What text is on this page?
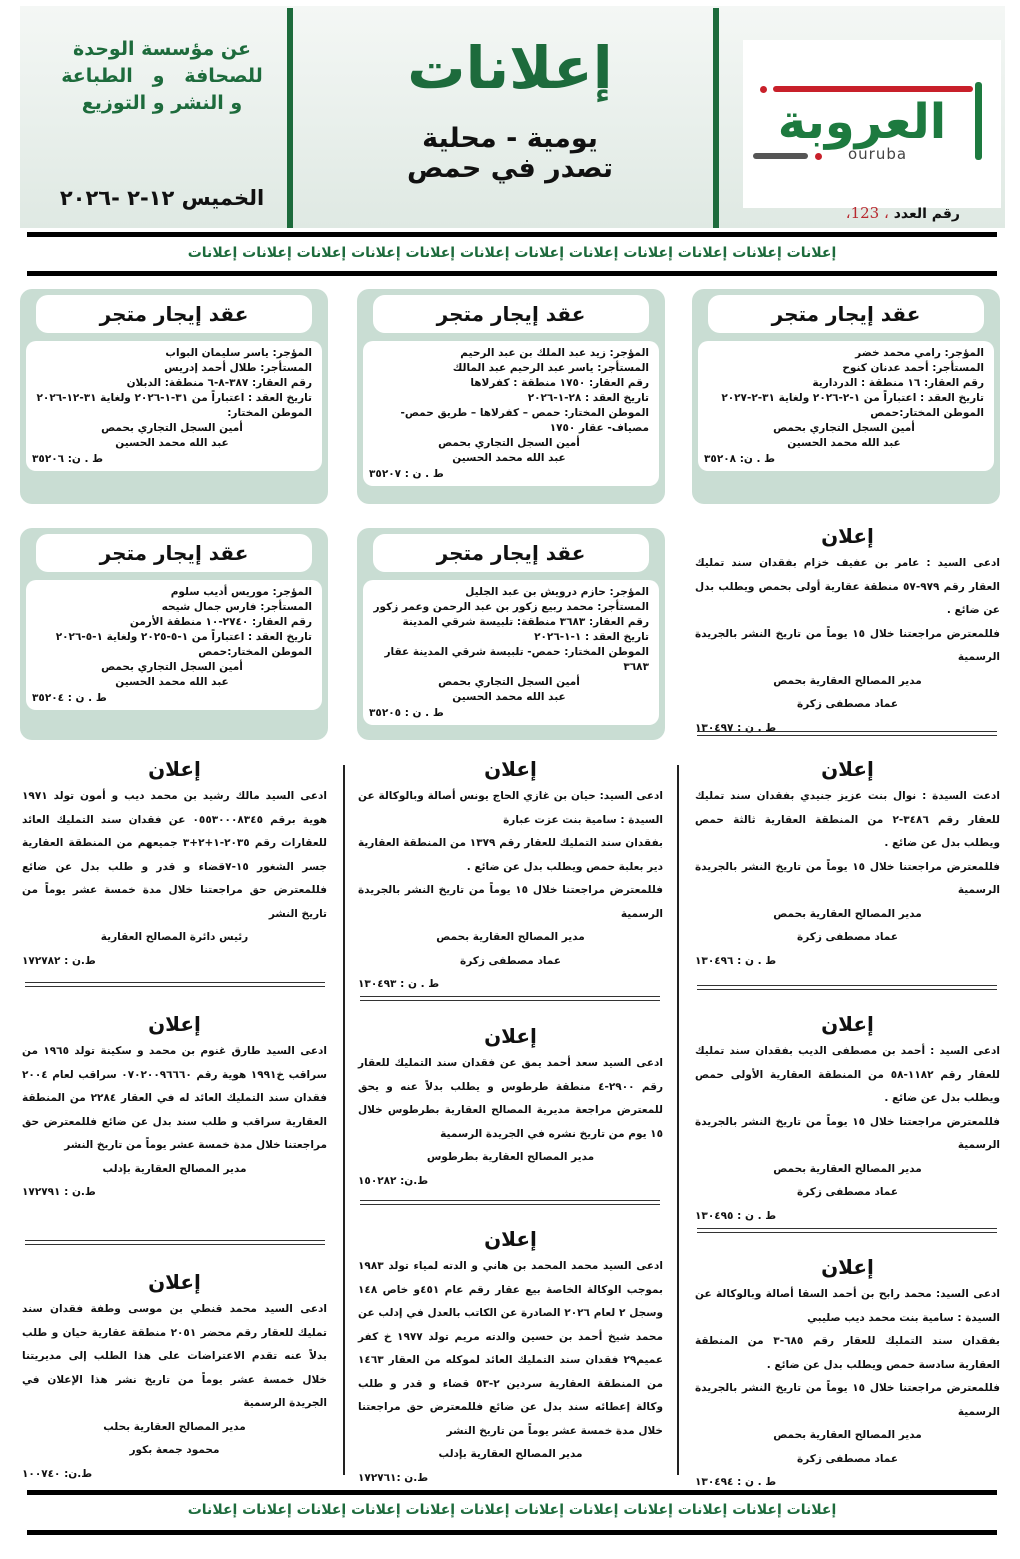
العروبة
ouruba
إعلانات
يومية - محلية
تصدر في حمص
عن مؤسسة الوحدة
للصحافة   و   الطباعة
و النشر و التوزيع
الخميس ١٢-٢ -٢٠٢٦
رقم العدد ، 123،
إعلانات إعلانات إعلانات إعلانات إعلانات إعلانات إعلانات إعلانات إعلانات إعلانات إعلانات إعلانات
عقد إيجار متجر
المؤجر: رامي محمد خضر
المستأجر: أحمد عدنان كنوح
رقم العقار: ١٦ منطقة : الدردارية
تاريخ العقد : اعتباراً من ١-٢-٢٠٢٦ ولغاية ٣١-٢-٢٠٢٧
الموطن المختار:حمص
أمين السجل التجاري بحمص
عبد الله محمد الحسين
ط . ن: ٣٥٢٠٨
عقد إيجار متجر
المؤجر: زيد عبد الملك بن عبد الرحيم
المستأجر: ياسر عبد الرحيم عبد المالك
رقم العقار: ١٧٥٠ منطقة : كفرلاها
تاريخ العقد : ٢٨-١-٢٠٢٦
الموطن المختار: حمص – كفرلاها – طريق حمص-مصياف- عقار ١٧٥٠
أمين السجل التجاري بحمص
عبد الله محمد الحسين
ط . ن : ٣٥٢٠٧
عقد إيجار متجر
المؤجر: ياسر سليمان البواب
المستأجر: طلال أحمد إدريس
رقم العقار: ٣٨٧-٨-٦ منطقة: الدبلان
تاريخ العقد : اعتباراً من ٣١-١-٢٠٢٦ ولغاية ٣١-١٢-٢٠٢٦
الموطن المختار:
أمين السجل التجاري بحمص
عبد الله محمد الحسين
ط . ن: ٣٥٢٠٦
عقد إيجار متجر
المؤجر: حازم درويش بن عبد الجليل
المستأجر: محمد ربيع زكور بن عبد الرحمن وعمر زكور
رقم العقار: ٣٦٨٣ منطقة: تلبيسة شرقي المدينة
تاريخ العقد : ١-١-٢٠٢٦
الموطن المختار: حمص- تلبيسة شرقي المدينة عقار ٣٦٨٣
أمين السجل التجاري بحمص
عبد الله محمد الحسين
ط . ن : ٣٥٢٠٥
عقد إيجار متجر
المؤجر: موريس أديب سلوم
المستأجر: فارس جمال شيحه
رقم العقار: ٢٧٤٠-١٠ منطقة الأرمن
تاريخ العقد : اعتباراً من ١-٥-٢٠٢٥ ولغاية ١-٥-٢٠٢٦
الموطن المختار:حمص
أمين السجل التجاري بحمص
عبد الله محمد الحسين
ط . ن : ٣٥٢٠٤
إعلان

ادعى السيد : عامر بن عفيف خزام بفقدان سند تمليك العقار رقم ٩٧٩-٥٧ منطقة عقارية أولى بحمص ويطلب بدل عن ضائع .

فللمعترض مراجعتنا خلال ١٥ يوماً من تاريخ النشر بالجريدة الرسمية

مدير المصالح العقارية بحمص
عماد مصطفى زكرة
ط . ن : ١٣٠٤٩٧
إعلان

ادعت السيدة : نوال بنت عزيز جنيدي بفقدان سند تمليك للعقار رقم ٣٤٨٦-٢ من المنطقة العقارية ثالثة حمص ويطلب بدل عن ضائع .

فللمعترض مراجعتنا خلال ١٥ يوماً من تاريخ النشر بالجريدة الرسمية

مدير المصالح العقارية بحمص
عماد مصطفى زكرة
ط . ن : ١٣٠٤٩٦
إعلان

ادعى السيد: حيان بن غازي الحاج يونس أصالة وبالوكالة عن السيدة : سامية بنت عزت عبارة

بفقدان سند التمليك للعقار رقم ١٣٧٩ من المنطقة العقارية دير بعلبة حمص ويطلب بدل عن ضائع .

فللمعترض مراجعتنا خلال ١٥ يوماً من تاريخ النشر بالجريدة الرسمية

مدير المصالح العقارية بحمص
عماد مصطفى زكرة
ط . ن : ١٣٠٤٩٣
إعلان

ادعى السيد مالك رشيد بن محمد ديب و أمون تولد ١٩٧١ هوية برقم ٠٥٥٣٠٠٠٨٣٤٥ عن فقدان سند التمليك العائد للعقارات رقم ٢٠٣٥-١+٢+٣ جميعهم من المنطقة العقارية جسر الشغور ١٥-٧قضاء و قدر و طلب بدل عن ضائع فللمعترض حق مراجعتنا خلال مدة خمسة عشر يوماً من تاريخ النشر

رئيس دائرة المصالح العقارية
ط.ن : ١٧٢٧٨٢
إعلان

ادعى السيد : أحمد بن مصطفى الديب بفقدان سند تمليك للعقار رقم ١١٨٢-٥٨ من المنطقة العقارية الأولى حمص ويطلب بدل عن ضائع .

فللمعترض مراجعتنا خلال ١٥ يوماً من تاريخ النشر بالجريدة الرسمية

مدير المصالح العقارية بحمص
عماد مصطفى زكرة
ط . ن : ١٣٠٤٩٥
إعلان

ادعى السيد سعد أحمد يمق عن فقدان سند التمليك للعقار رقم ٢٩٠٠-٤ منطقة طرطوس و يطلب بدلاً عنه و يحق للمعترض مراجعة مديرية المصالح العقارية بطرطوس خلال ١٥ يوم من تاريخ نشره في الجريدة الرسمية

مدير المصالح العقارية بطرطوس
ط.ن: ١٥٠٢٨٢
إعلان

ادعى السيد طارق غنوم بن محمد و سكينة تولد ١٩٦٥ من سراقب خ١٩٩١ هوية رقم ٠٧٠٢٠٠٩٦٦٦٠ سراقب لعام ٢٠٠٤ فقدان سند التمليك العائد له في العقار ٢٢٨٤ من المنطقة العقارية سراقب و طلب سند بدل عن ضائع فللمعترض حق مراجعتنا خلال مدة خمسة عشر يوماً من تاريخ النشر

مدير المصالح العقارية بإدلب
ط.ن : ١٧٢٧٩١
إعلان

ادعى السيد: محمد رابح بن أحمد السقا أصالة وبالوكالة عن السيدة : سامية بنت محمد ديب صليبي

بفقدان سند التمليك للعقار رقم ٦٨٥-٣ من المنطقة العقارية سادسة حمص ويطلب بدل عن ضائع .

فللمعترض مراجعتنا خلال ١٥ يوماً من تاريخ النشر بالجريدة الرسمية

مدير المصالح العقارية بحمص
عماد مصطفى زكرة
ط . ن : ١٣٠٤٩٤
إعلان

ادعى السيد محمد المحمد بن هاني و الدته لمياء تولد ١٩٨٣ بموجب الوكالة الخاصة بيع عقار رقم عام ٤٥١و خاص ١٤٨ وسجل ٢ لعام ٢٠٢٦ الصادرة عن الكاتب بالعدل في إدلب عن محمد شيخ أحمد بن حسين والدته مريم تولد ١٩٧٧ خ كفر عميم٢٩ فقدان سند التمليك العائد لموكله من العقار ١٤٦٣ من المنطقة العقارية سردين ٢-٥٣ قضاء و قدر و طلب وكالة إعطائه سند بدل عن ضائع فللمعترض حق مراجعتنا خلال مدة خمسة عشر يوماً من تاريخ النشر

مدير المصالح العقارية بإدلب
ط.ن :١٧٢٧٦١
إعلان

ادعى السيد محمد قنطي بن موسى وطفة فقدان سند تمليك للعقار رقم محضر ٢٠٥١ منطقة عقارية حيان و طلب بدلاً عنه تقدم الاعتراضات على هذا الطلب إلى مديريتنا خلال خمسة عشر يوماً من تاريخ نشر هذا الإعلان في الجريدة الرسمية

مدير المصالح العقارية بحلب
محمود جمعة بكور
ط.ن: ١٠٠٧٤٠
إعلانات إعلانات إعلانات إعلانات إعلانات إعلانات إعلانات إعلانات إعلانات إعلانات إعلانات إعلانات
